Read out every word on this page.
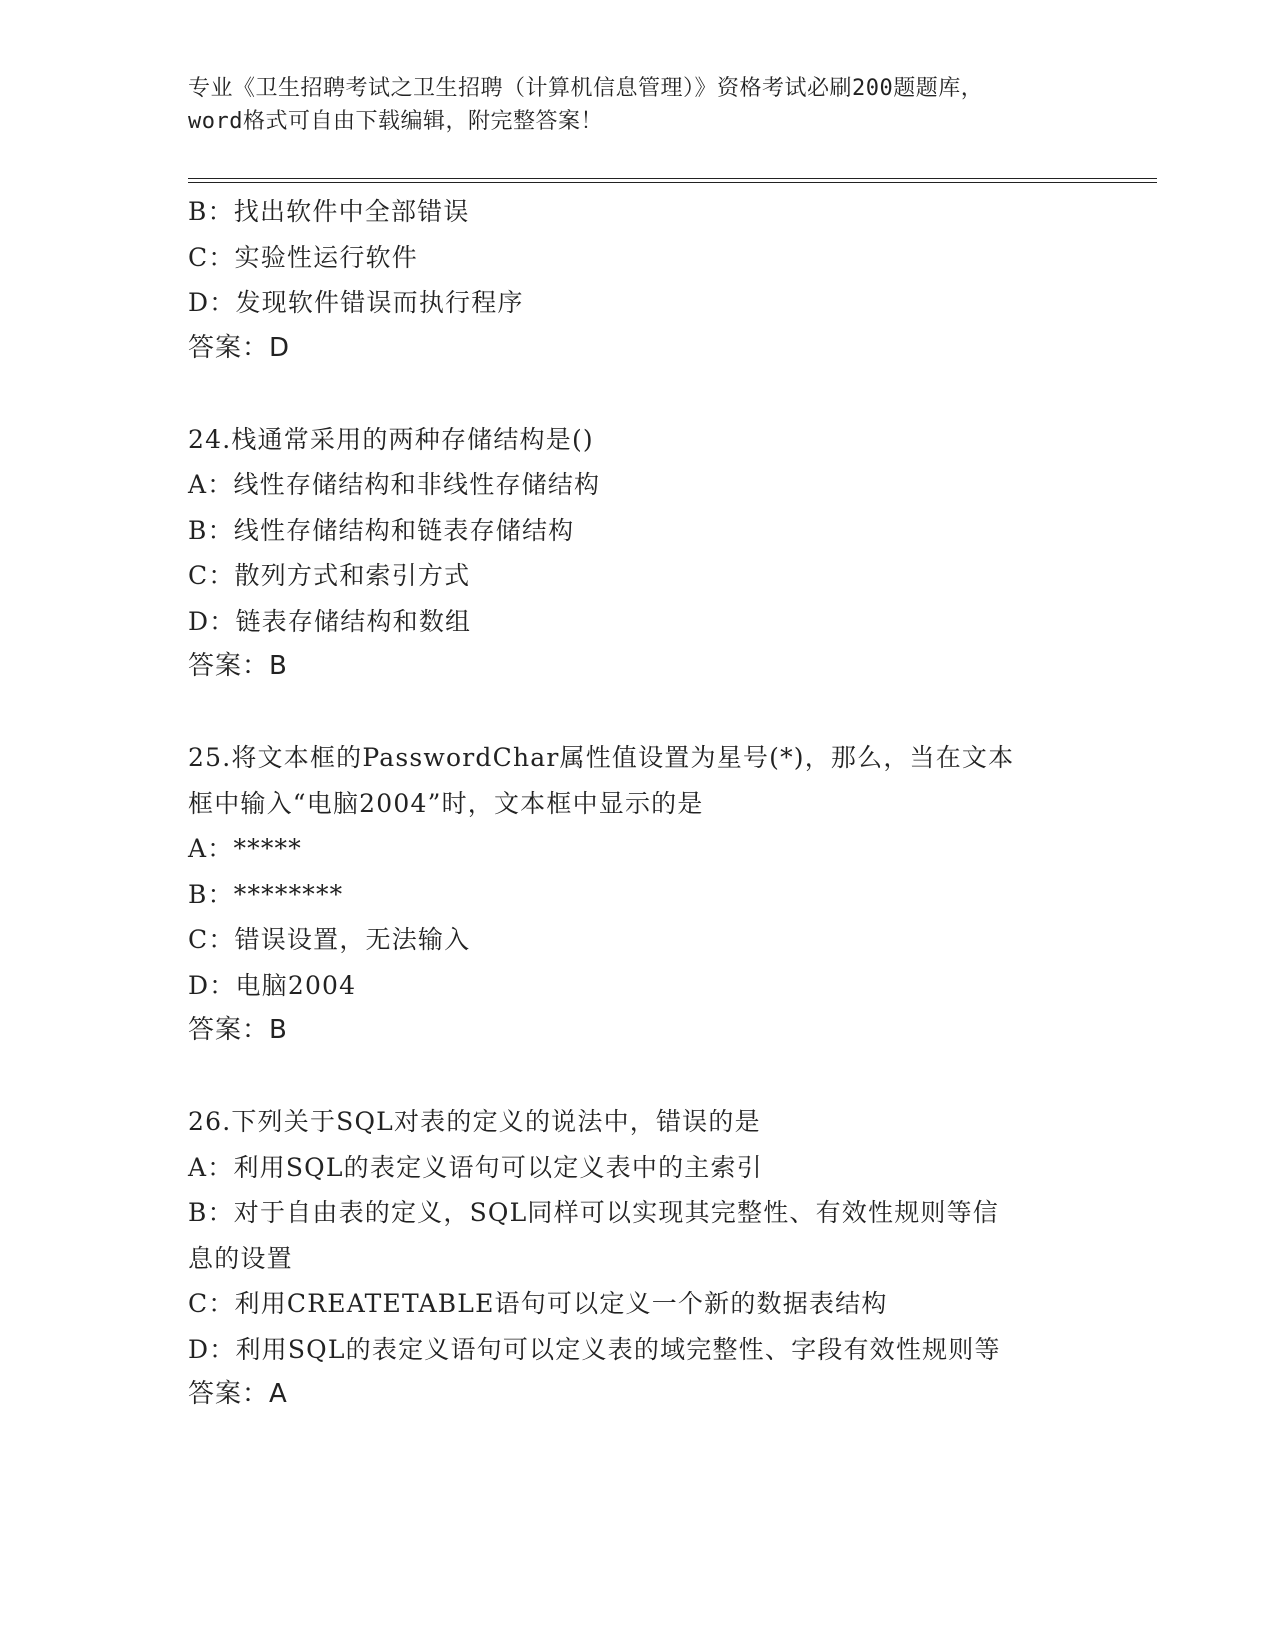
专业《卫生招聘考试之卫生招聘（计算机信息管理）》资格考试必刷200题题库，
word格式可自由下载编辑，附完整答案！
B：找出软件中全部错误
C：实验性运行软件
D：发现软件错误而执行程序
答案：D
24.栈通常采用的两种存储结构是()
A：线性存储结构和非线性存储结构
B：线性存储结构和链表存储结构
C：散列方式和索引方式
D：链表存储结构和数组
答案：B
25.将文本框的PasswordChar属性值设置为星号(*)，那么，当在文本
框中输入“电脑2004”时，文本框中显示的是
A：*****
B：********
C：错误设置，无法输入
D：电脑2004
答案：B
26.下列关于SQL对表的定义的说法中，错误的是
A：利用SQL的表定义语句可以定义表中的主索引
B：对于自由表的定义，SQL同样可以实现其完整性、有效性规则等信
息的设置
C：利用CREATETABLE语句可以定义一个新的数据表结构
D：利用SQL的表定义语句可以定义表的域完整性、字段有效性规则等
答案：A
